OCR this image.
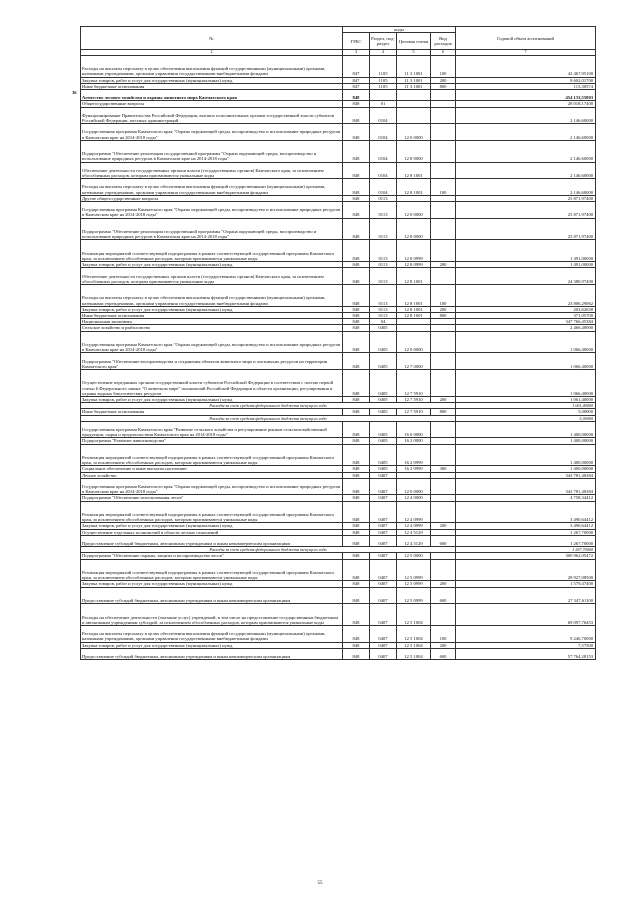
№	коды				Годовой объем ассигнований
	ГРБС	Раздел, под-раздел	Целевая статья	Вид расходов	
2	3	4	5	6	7
Расходы на выплаты персоналу в целях обеспечения выполнения функций государственными (муниципальными) органами, казенными учреждениями, органами управления государственными внебюджетными фондами	847	1105	11 3 1001	100	42 467,95100
Закупка товаров, работ и услуг для государственных (муниципальных) нужд	847	1105	11 3 1001	200	8 602,01700
Иные бюджетные ассигнования	847	1105	11 3 1001	800	113,30574

36
Агентство лесного хозяйства и охраны животного мира Камчатского края	848				454 133,55803
Общегосударственные вопросы	848	01			28 018,17400
Функционирование Правительства Российской Федерации, высших исполнительных органов государственной власти субъектов Российской Федерации, местных администраций	848	0104			2 146,60000
Государственная программа Камчатского края "Охрана окружающей среды, воспроизводство и использование природных ресурсов в Камчатском крае на 2014-2018 годы"	848	0104	12 0 0000		2 146,60000
Подпрограмма "Обеспечение реализации государственной программы "Охрана окружающей среды, воспроизводство и использование природных ресурсов в Камчатском крае на 2014-2018 годы"	848	0104	12 8 0000		2 146,60000
Обеспечение деятельности государственных органов власти (государственных органов) Камчатского края, за исключением обособленных расходов, которым присваиваются уникальные коды	848	0104	12 8 1001		2 146,60000
Расходы на выплаты персоналу в целях обеспечения выполнения функций государственными (муниципальными) органами, казенными учреждениями, органами управления государственными внебюджетными фондами	848	0104	12 8 1001	100	2 146,60000
Другие общегосударственные вопросы	848	0113			25 871,97400
Государственная программа Камчатского края "Охрана окружающей среды, воспроизводство и использование природных ресурсов в Камчатском крае на 2014-2018 годы"	848	0113	12 0 0000		25 871,97400
Подпрограмма "Обеспечение реализации государственной программы "Охрана окружающей среды, воспроизводство и использование природных ресурсов в Камчатском крае на 2014-2018 годы"	848	0113	12 8 0000		25 871,97400
Реализация мероприятий соответствующей подпрограммы в рамках соответствующей государственной программы Камчатского края, за исключением обособленных расходов, которым присваиваются уникальные коды	848	0113	12 8 0999		1 491,00000
Закупка товаров, работ и услуг для государственных (муниципальных) нужд	848	0113	12 8 0999	200	1 491,00000
Обеспечение деятельности государственных органов власти (государственных органов) Камчатского края, за исключением обособленных расходов, которым присваиваются уникальные коды	848	0113	12 8 1001		24 380,97400
Расходы на выплаты персоналу в целях обеспечения выполнения функций государственными (муниципальными) органами, казенными учреждениями, органами управления государственными внебюджетными фондами	848	0113	12 8 1001	100	23 806,29062
Закупка товаров, работ и услуг для государственных (муниципальных) нужд	848	0113	12 8 1001	200	203,62638
Иные бюджетные ассигнования	848	0113	12 8 1001	800	371,05700
Национальная экономика	848	04			347 766,45384
Сельское хозяйство и рыболовство	848	0405			2 466,40000
Государственная программа Камчатского края "Охрана окружающей среды, воспроизводство и использование природных ресурсов в Камчатском крае на 2014-2018 годы"	848	0405	12 0 0000		1 066,40000
Подпрограмма "Обеспечение воспроизводства и сохранения объектов животного мира и охотничьих ресурсов на территории Камчатского края"	848	0405	12 7 0000		1 066,40000
Осуществление переданных органам государственной власти субъектов Российской Федерации в соответствии с частью первой статьи 6 Федерального закона "О животном мире" полномочий Российской Федерации в области организации, регулирования и охраны водных биологических ресурсов	848	0405	12 7 5910		1 066,40000
Закупка товаров, работ и услуг для государственных (муниципальных) нужд	848	0405	12 7 5910	200	1 061,40000
Расходы за счет средств федерального бюджета текущего года					1 061,40000
Иные бюджетные ассигнования	848	0405	12 7 5910	800	5,00000
Расходы за счет средств федерального бюджета текущего года					5,00000
Государственная программа Камчатского края "Развитие сельского хозяйства и регулирование рынков сельскохозяйственной продукции, сырья и продовольствия Камчатского края на 2014-2018 годы"	848	0405	16 0 0000		1 400,00000
Подпрограмма "Развитие животноводства"	848	0405	16 2 0000		1 400,00000
Реализация мероприятий соответствующей подпрограммы в рамках соответствующей государственной программы Камчатского края, за исключением обособленных расходов, которым присваиваются уникальные коды	848	0405	16 2 0999		1 400,00000
Социальное обеспечение и иные выплаты населению	848	0405	16 2 0999	300	1 400,00000
Лесное хозяйство	848	0407			343 781,40384
Государственная программа Камчатского края "Охрана окружающей среды, воспроизводство и использование природных ресурсов в Камчатском крае на 2014-2018 годы"	848	0407	12 0 0000		343 781,40384
Подпрограмма "Обеспечение использования лесов"	848	0407	12 4 0000		4 758,34412
Реализация мероприятий соответствующей подпрограммы в рамках соответствующей государственной программы Камчатского края, за исключением обособленных расходов, которым присваиваются уникальные коды	848	0407	12 4 0999		3 490,64412
Закупка товаров, работ и услуг для государственных (муниципальных) нужд	848	0407	12 4 0999	200	3 490,64412
Осуществление отдельных полномочий в области лесных отношений	848	0407	12 4 5129		1 267,70000
Предоставление субсидий бюджетным, автономным учреждениям и иным некоммерческим организациям	848	0407	12 4 5129	600	1 267,70000
Расходы за счет средств федерального бюджета текущего года					1 267,70000
Подпрограмма "Обеспечение охраны, защиты и воспроизводства лесов"	848	0407	12 5 0000		300 962,05472
Реализация мероприятий соответствующей подпрограммы в рамках соответствующей государственной программы Камчатского края, за исключением обособленных расходов, которым присваиваются уникальные коды	848	0407	12 5 0999		28 927,08500
Закупка товаров, работ и услуг для государственных (муниципальных) нужд	848	0407	12 5 0999	200	1 579,47400
Предоставление субсидий бюджетным, автономным учреждениям и иным некоммерческим организациям	848	0407	12 5 0999	600	27 347,61100
Расходы на обеспечение деятельности (оказание услуг) учреждений, в том числе на предоставление государственным бюджетным и автономным учреждениям субсидий, за исключением обособленных расходов, которым присваиваются уникальные коды	848	0407	12 5 1004		69 097,76453
Расходы на выплаты персоналу в целях обеспечения выполнения функций государственными (муниципальными) органами, казенными учреждениями, органами управления государственными внебюджетными фондами	848	0407	12 5 1004	100	9 246,70000
Закупка товаров, работ и услуг для государственных (муниципальных) нужд	848	0407	12 5 1004	200	7,57500
Предоставление субсидий бюджетным, автономным учреждениям и иным некоммерческим организациям	848	0407	12 5 1004	600	57 764,28153
55
